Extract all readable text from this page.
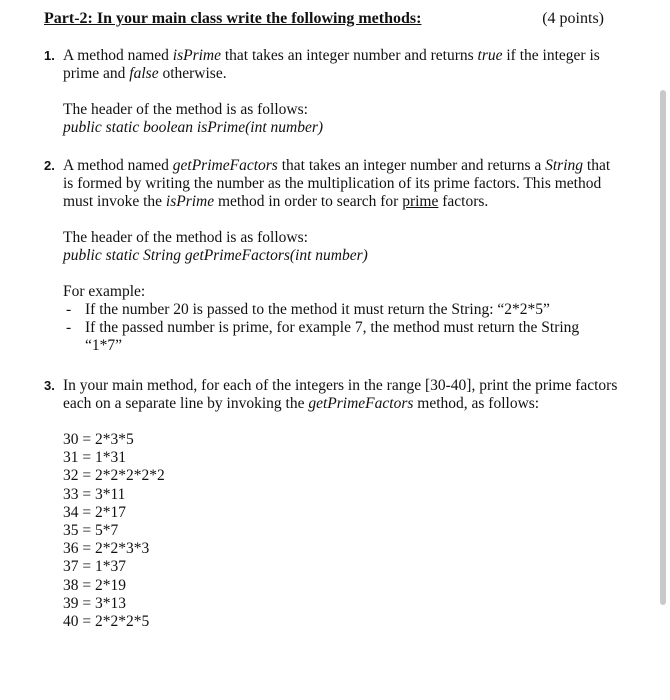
Part-2: In your main class write the following methods:	(4 points)
1. A method named isPrime that takes an integer number and returns true if the integer is

prime and false otherwise.

The header of the method is as follows:

public static boolean isPrime(int number)

2. A method named getPrimeFactors that takes an integer number and returns a String that

is formed by writing the number as the multiplication of its prime factors. This method

must invoke the isPrime method in order to search for prime factors.

The header of the method is as follows:

public static String getPrimeFactors(int number)

For example:

- If the number 20 is passed to the method it must return the String: “2*2*5”
- If the passed number is prime, for example 7, the method must return the String
“1*7”
3. In your main method, for each of the integers in the range [30-40], print the prime factors

each on a separate line by invoking the getPrimeFactors method, as follows:

30 = 2*3*5
31 = 1*31
32 = 2*2*2*2*2
33 = 3*11
34 = 2*17
35 = 5*7
36 = 2*2*3*3
37 = 1*37
38 = 2*19
39 = 3*13
40 = 2*2*2*5
